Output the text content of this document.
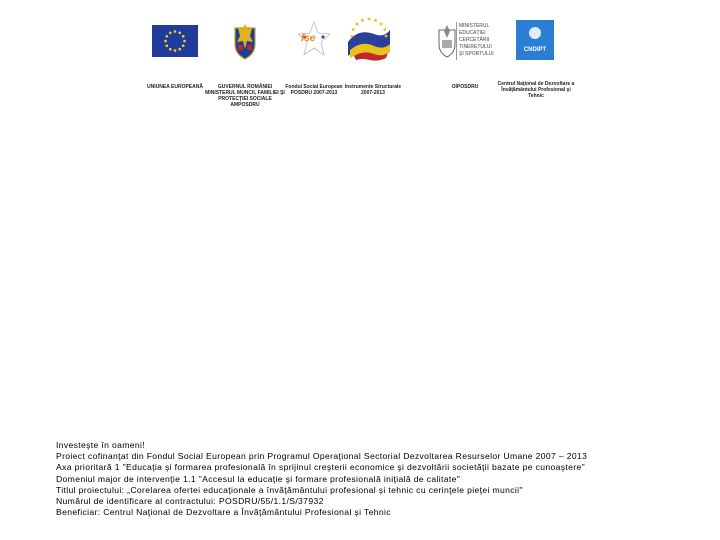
UNIUNEA EUROPEANĂ	GUVERNUL ROMÂNIEI
MINISTERUL MUNCII, FAMILIEI ŞI
PROTECŢIEI SOCIALE
AMPOSDRU
fse
Fondul Social European
POSDRU 2007-2013
Instrumente Structurale
2007-2013
MINISTERUL
EDUCAŢIEI
CERCETĂRII
TINERETULUI
ŞI SPORTULUI
OIPOSDRU
CNDIPT
Centrul Naţional de Dezvoltare a
Învăţământului Profesional şi
Tehnic
Investeşte în oameni!
Proiect cofinanţat din Fondul Social European prin Programul Operaţional Sectorial Dezvoltarea Resurselor Umane 2007 – 2013
Axa prioritară 1 "Educaţia şi formarea profesională în sprijinul creşterii economice şi dezvoltării societăţii bazate pe cunoaştere"
Domeniul major de intervenţie 1.1 "Accesul la educaţie şi formare profesională iniţială de calitate"
Titlul proiectului: „Corelarea ofertei educaţionale a învăţământului profesional şi tehnic cu cerinţele pieţei muncii"
Numărul de identificare al contractului: POSDRU/55/1.1/S/37932
Beneficiar: Centrul Naţional de Dezvoltare a Învăţământului Profesional şi Tehnic
